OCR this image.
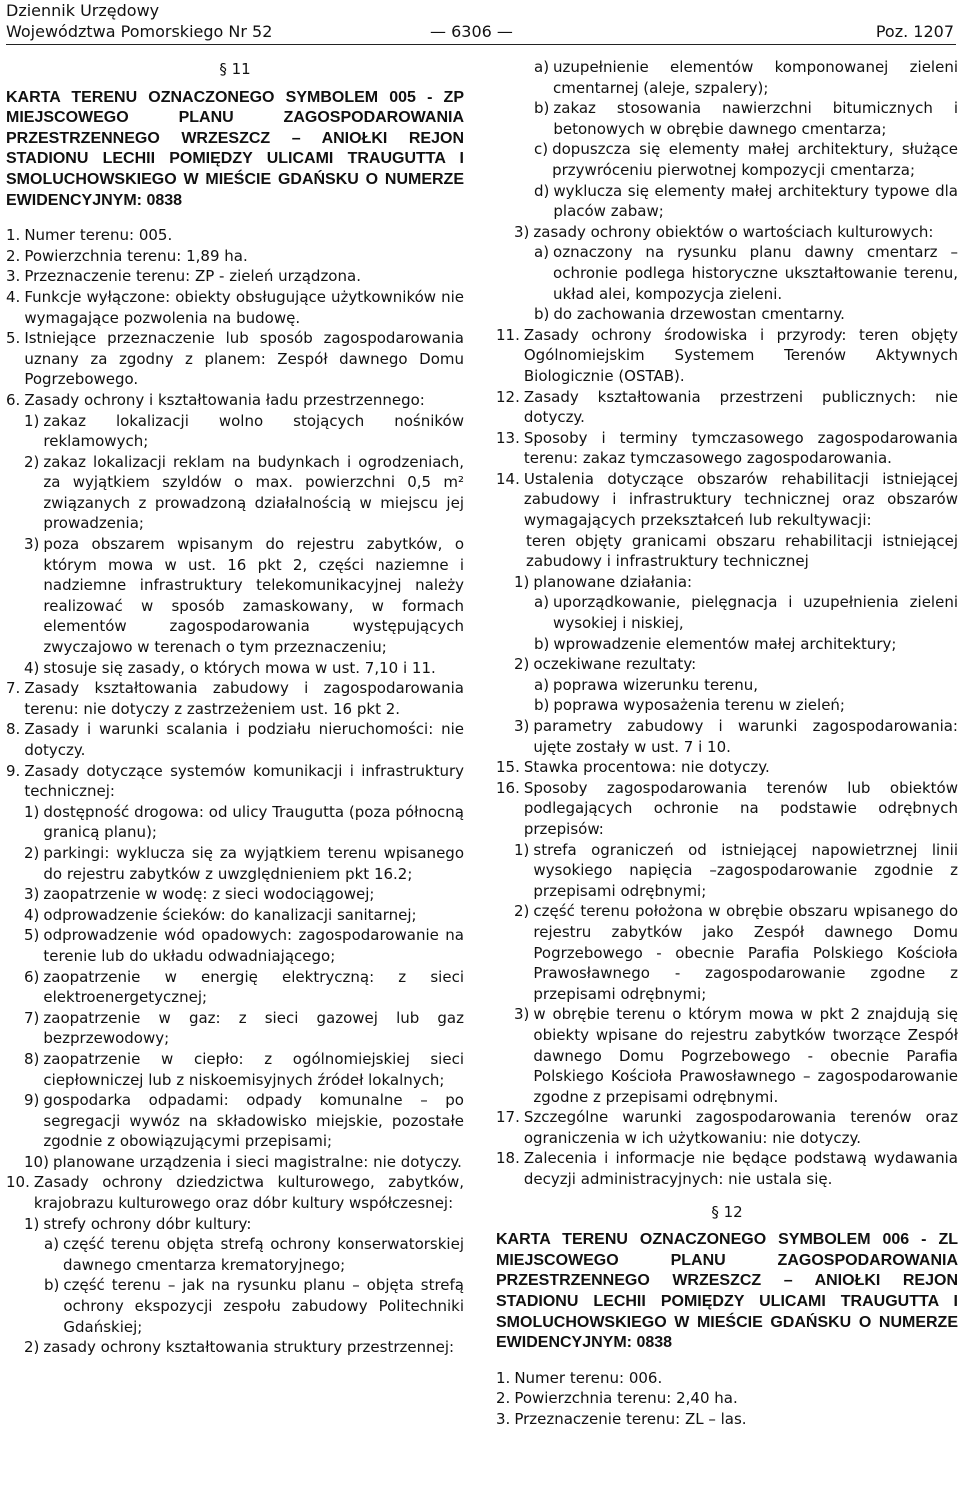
Dziennik Urzędowy
Województwa Pomorskiego Nr 52	— 6306 —	Poz. 1207
§ 11
KARTA TERENU OZNACZONEGO SYMBOLEM 005 - ZP MIEJSCOWEGO PLANU ZAGOSPODAROWANIA PRZESTRZENNEGO WRZESZCZ – ANIOŁKI REJON STADIONU LECHII POMIĘDZY ULICAMI TRAUGUTTA I SMOLUCHOWSKIEGO W MIEŚCIE GDAŃSKU O NUMERZE EWIDENCYJNYM: 0838
1. Numer terenu: 005.
2. Powierzchnia terenu: 1,89 ha.
3. Przeznaczenie terenu: ZP - zieleń urządzona.
4. Funkcje wyłączone: obiekty obsługujące użytkowników nie wymagające pozwolenia na budowę.
5. Istniejące przeznaczenie lub sposób zagospodarowania uznany za zgodny z planem: Zespół dawnego Domu Pogrzebowego.
6. Zasady ochrony i kształtowania ładu przestrzennego:
1) zakaz lokalizacji wolno stojących nośników reklamowych;
2) zakaz lokalizacji reklam na budynkach i ogrodzeniach, za wyjątkiem szyldów o max. powierzchni 0,5 m² związanych z prowadzoną działalnością w miejscu jej prowadzenia;
3) poza obszarem wpisanym do rejestru zabytków, o którym mowa w ust. 16 pkt 2, części naziemne i nadziemne infrastruktury telekomunikacyjnej należy realizować w sposób zamaskowany, w formach elementów zagospodarowania występujących zwyczajowo w terenach o tym przeznaczeniu;
4) stosuje się zasady, o których mowa w ust. 7,10 i 11.
7. Zasady kształtowania zabudowy i zagospodarowania terenu: nie dotyczy z zastrzeżeniem ust. 16 pkt 2.
8. Zasady i warunki scalania i podziału nieruchomości: nie dotyczy.
9. Zasady dotyczące systemów komunikacji i infrastruktury technicznej:
1) dostępność drogowa: od ulicy Traugutta (poza północną granicą planu);
2) parkingi: wyklucza się za wyjątkiem terenu wpisanego do rejestru zabytków z uwzględnieniem pkt 16.2;
3) zaopatrzenie w wodę: z sieci wodociągowej;
4) odprowadzenie ścieków: do kanalizacji sanitarnej;
5) odprowadzenie wód opadowych: zagospodarowanie na terenie lub do układu odwadniającego;
6) zaopatrzenie w energię elektryczną: z sieci elektroenergetycznej;
7) zaopatrzenie w gaz: z sieci gazowej lub gaz bezprzewodowy;
8) zaopatrzenie w ciepło: z ogólnomiejskiej sieci ciepłowniczej lub z niskoemisyjnych źródeł lokalnych;
9) gospodarka odpadami: odpady komunalne – po segregacji wywóz na składowisko miejskie, pozostałe zgodnie z obowiązującymi przepisami;
10) planowane urządzenia i sieci magistralne: nie dotyczy.
10. Zasady ochrony dziedzictwa kulturowego, zabytków, krajobrazu kulturowego oraz dóbr kultury współczesnej:
1) strefy ochrony dóbr kultury:
a) część terenu objęta strefą ochrony konserwatorskiej dawnego cmentarza krematoryjnego;
b) część terenu – jak na rysunku planu – objęta strefą ochrony ekspozycji zespołu zabudowy Politechniki Gdańskiej;
2) zasady ochrony kształtowania struktury przestrzennej:
a) uzupełnienie elementów komponowanej zieleni cmentarnej (aleje, szpalery);
b) zakaz stosowania nawierzchni bitumicznych i betonowych w obrębie dawnego cmentarza;
c) dopuszcza się elementy małej architektury, służące przywróceniu pierwotnej kompozycji cmentarza;
d) wyklucza się elementy małej architektury typowe dla placów zabaw;
3) zasady ochrony obiektów o wartościach kulturowych:
a) oznaczony na rysunku planu dawny cmentarz – ochronie podlega historyczne ukształtowanie terenu, układ alei, kompozycja zieleni.
b) do zachowania drzewostan cmentarny.
11. Zasady ochrony środowiska i przyrody: teren objęty Ogólnomiejskim Systemem Terenów Aktywnych Biologicznie (OSTAB).
12. Zasady kształtowania przestrzeni publicznych: nie dotyczy.
13. Sposoby i terminy tymczasowego zagospodarowania terenu: zakaz tymczasowego zagospodarowania.
14. Ustalenia dotyczące obszarów rehabilitacji istniejącej zabudowy i infrastruktury technicznej oraz obszarów wymagających przekształceń lub rekultywacji:
teren objęty granicami obszaru rehabilitacji istniejącej zabudowy i infrastruktury technicznej
1) planowane działania:
a) uporządkowanie, pielęgnacja i uzupełnienia zieleni wysokiej i niskiej,
b) wprowadzenie elementów małej architektury;
2) oczekiwane rezultaty:
a) poprawa wizerunku terenu,
b) poprawa wyposażenia terenu w zieleń;
3) parametry zabudowy i warunki zagospodarowania: ujęte zostały w ust. 7 i 10.
15. Stawka procentowa: nie dotyczy.
16. Sposoby zagospodarowania terenów lub obiektów podlegających ochronie na podstawie odrębnych przepisów:
1) strefa ograniczeń od istniejącej napowietrznej linii wysokiego napięcia –zagospodarowanie zgodnie z przepisami odrębnymi;
2) część terenu położona w obrębie obszaru wpisanego do rejestru zabytków jako Zespół dawnego Domu Pogrzebowego - obecnie Parafia Polskiego Kościoła Prawosławnego - zagospodarowanie zgodne z przepisami odrębnymi;
3) w obrębie terenu o którym mowa w pkt 2 znajdują się obiekty wpisane do rejestru zabytków tworzące Zespół dawnego Domu Pogrzebowego - obecnie Parafia Polskiego Kościoła Prawosławnego – zagospodarowanie zgodne z przepisami odrębnymi.
17. Szczególne warunki zagospodarowania terenów oraz ograniczenia w ich użytkowaniu: nie dotyczy.
18. Zalecenia i informacje nie będące podstawą wydawania decyzji administracyjnych: nie ustala się.
§ 12
KARTA TERENU OZNACZONEGO SYMBOLEM 006 - ZL MIEJSCOWEGO PLANU ZAGOSPODAROWANIA PRZESTRZENNEGO WRZESZCZ – ANIOŁKI REJON STADIONU LECHII POMIĘDZY ULICAMI TRAUGUTTA I SMOLUCHOWSKIEGO W MIEŚCIE GDAŃSKU O NUMERZE EWIDENCYJNYM: 0838
1. Numer terenu: 006.
2. Powierzchnia terenu: 2,40 ha.
3. Przeznaczenie terenu: ZL – las.
